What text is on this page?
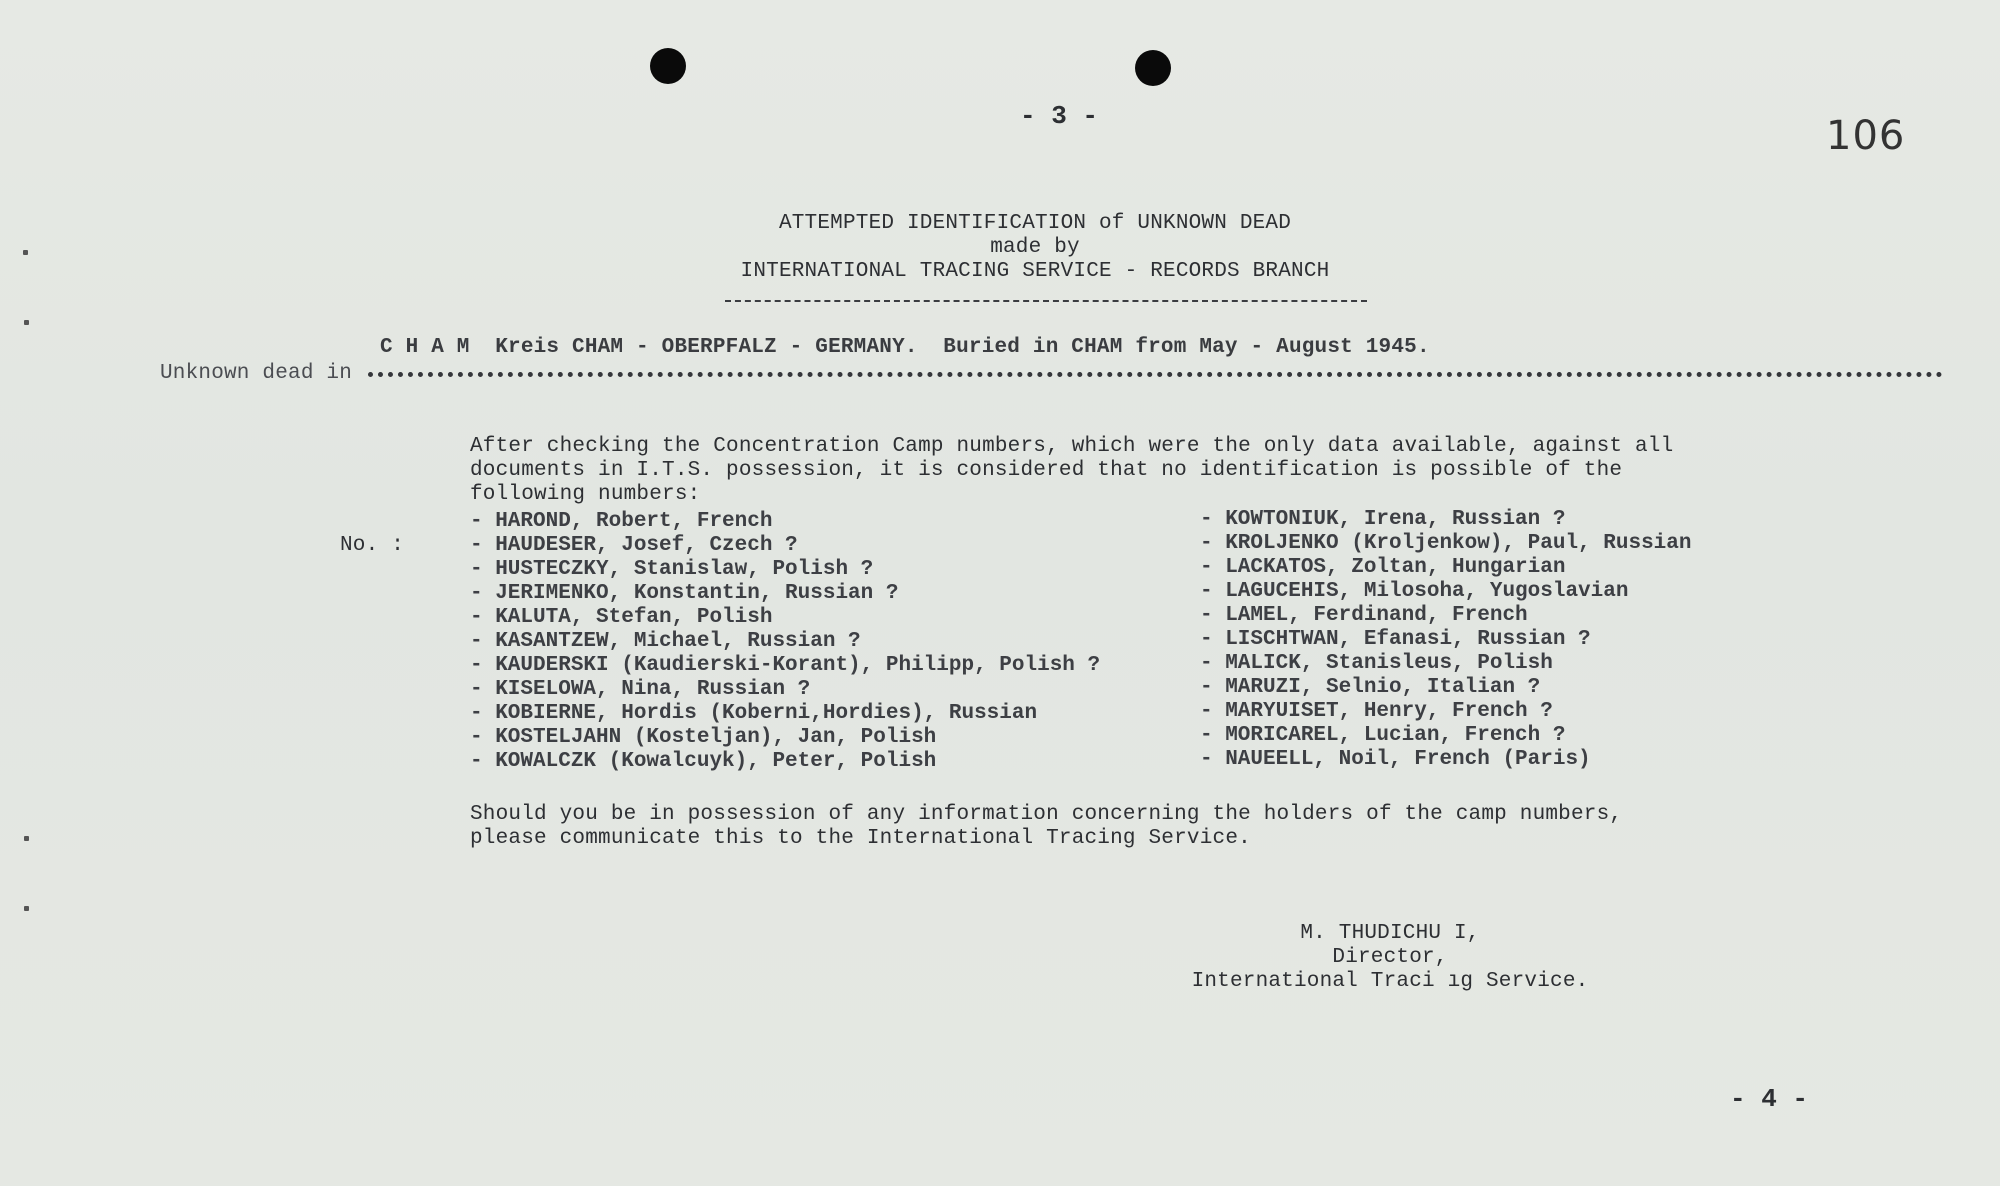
- 3 -	106
ATTEMPTED IDENTIFICATION of UNKNOWN DEAD
made by
INTERNATIONAL TRACING SERVICE - RECORDS BRANCH
C H A M  Kreis CHAM - OBERPFALZ - GERMANY.  Buried in CHAM from May - August 1945.
Unknown dead in
After checking the Concentration Camp numbers, which were the only data available, against all
documents in I.T.S. possession, it is considered that no identification is possible of the
following numbers:
No. :
- HAROND, Robert, French
- HAUDESER, Josef, Czech ?
- HUSTECZKY, Stanislaw, Polish ?
- JERIMENKO, Konstantin, Russian ?
- KALUTA, Stefan, Polish
- KASANTZEW, Michael, Russian ?
- KAUDERSKI (Kaudierski-Korant), Philipp, Polish ?
- KISELOWA, Nina, Russian ?
- KOBIERNE, Hordis (Koberni,Hordies), Russian
- KOSTELJAHN (Kosteljan), Jan, Polish
- KOWALCZK (Kowalcuyk), Peter, Polish
- KOWTONIUK, Irena, Russian ?
- KROLJENKO (Kroljenkow), Paul, Russian
- LACKATOS, Zoltan, Hungarian
- LAGUCEHIS, Milosoha, Yugoslavian
- LAMEL, Ferdinand, French
- LISCHTWAN, Efanasi, Russian ?
- MALICK, Stanisleus, Polish
- MARUZI, Selnio, Italian ?
- MARYUISET, Henry, French ?
- MORICAREL, Lucian, French ?
- NAUEELL, Noil, French (Paris)
Should you be in possession of any information concerning the holders of the camp numbers,
please communicate this to the International Tracing Service.
M. THUDICHU I,
Director,
International Traci ıg Service.
- 4 -
